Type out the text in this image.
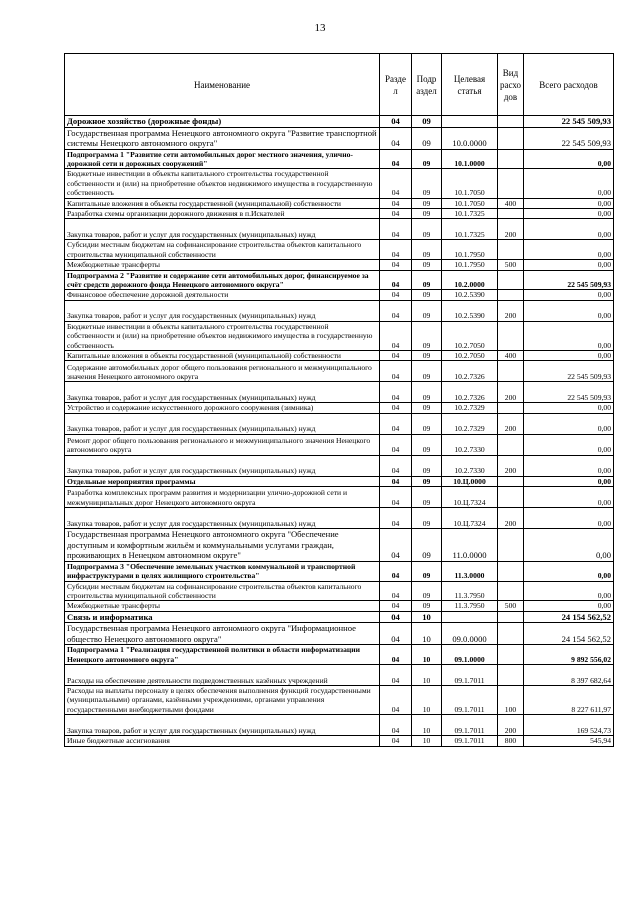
13
Наименование	Разде л	Подр аздел	Целевая статья	Вид расхо дов	Всего расходов
Дорожное хозяйство (дорожные фонды)	04	09			22 545 509,93
Государственная программа Ненецкого автономного округа "Развитие транспортной системы Ненецкого автономного округа"	04	09	10.0.0000		22 545 509,93
Подпрограмма 1 "Развитие сети автомобильных дорог местного значения, улично-дорожной сети и дорожных сооружений"	04	09	10.1.0000		0,00
Бюджетные инвестиции в объекты капитального строительства государственной собственности и (или) на приобретение объектов недвижимого имущества в государственную собственность	04	09	10.1.7050		0,00
Капитальные вложения в объекты государственной (муниципальной) собственности	04	09	10.1.7050	400	0,00
Разработка схемы организации дорожного движения в п.Искателей	04	09	10.1.7325		0,00
Закупка товаров, работ и услуг для государственных (муниципальных) нужд	04	09	10.1.7325	200	0,00
Субсидии местным бюджетам на софинансирование строительства объектов капитального строительства муниципальной собственности	04	09	10.1.7950		0,00
Межбюджетные трансферты	04	09	10.1.7950	500	0,00
Подпрограмма 2 "Развитие и содержание сети автомобильных дорог, финансируемое за счёт средств дорожного фонда Ненецкого автономного округа"	04	09	10.2.0000		22 545 509,93
Финансовое обеспечение дорожной деятельности	04	09	10.2.5390		0,00
Закупка товаров, работ и услуг для государственных (муниципальных) нужд	04	09	10.2.5390	200	0,00
Бюджетные инвестиции в объекты капитального строительства государственной собственности и (или) на приобретение объектов недвижимого имущества в государственную собственность	04	09	10.2.7050		0,00
Капитальные вложения в объекты государственной (муниципальной) собственности	04	09	10.2.7050	400	0,00
Содержание автомобильных дорог общего пользования регионального и межмуниципального значения Ненецкого автономного округа	04	09	10.2.7326		22 545 509,93
Закупка товаров, работ и услуг для государственных (муниципальных) нужд	04	09	10.2.7326	200	22 545 509,93
Устройство и содержание искусственного дорожного сооружения (зимника)	04	09	10.2.7329		0,00
Закупка товаров, работ и услуг для государственных (муниципальных) нужд	04	09	10.2.7329	200	0,00
Ремонт дорог общего пользования регионального и межмуниципального значения Ненецкого автономного округа	04	09	10.2.7330		0,00
Закупка товаров, работ и услуг для государственных (муниципальных) нужд	04	09	10.2.7330	200	0,00
Отдельные мероприятия программы	04	09	10.Ц.0000		0,00
Разработка комплексных программ развития и модернизации улично-дорожной сети и межмуниципальных дорог Ненецкого автономного округа	04	09	10.Ц.7324		0,00
Закупка товаров, работ и услуг для государственных (муниципальных) нужд	04	09	10.Ц.7324	200	0,00
Государственная программа Ненецкого автономного округа "Обеспечение доступным и комфортным жильём и коммунальными услугами граждан, проживающих в Ненецком автономном округе"	04	09	11.0.0000		0,00
Подпрограмма 3 "Обеспечение земельных участков коммунальной и транспортной инфраструктурами в целях жилищного строительства"	04	09	11.3.0000		0,00
Субсидии местным бюджетам на софинансирование строительства объектов капитального строительства муниципальной собственности	04	09	11.3.7950		0,00
Межбюджетные трансферты	04	09	11.3.7950	500	0,00
Связь и информатика	04	10			24 154 562,52
Государственная программа Ненецкого автономного округа "Информационное общество Ненецкого автономного округа"	04	10	09.0.0000		24 154 562,52
Подпрограмма 1 "Реализация государственной политики в области информатизации Ненецкого автономного округа"	04	10	09.1.0000		9 892 556,02
Расходы на обеспечение деятельности подведомственных казённых учреждений	04	10	09.1.7011		8 397 682,64
Расходы на выплаты персоналу в целях обеспечения выполнения функций государственными (муниципальными) органами, казёнными учреждениями, органами управления государственными внебюджетными фондами	04	10	09.1.7011	100	8 227 611,97
Закупка товаров, работ и услуг для государственных (муниципальных) нужд	04	10	09.1.7011	200	169 524,73
Иные бюджетные ассигнования	04	10	09.1.7011	800	545,94
